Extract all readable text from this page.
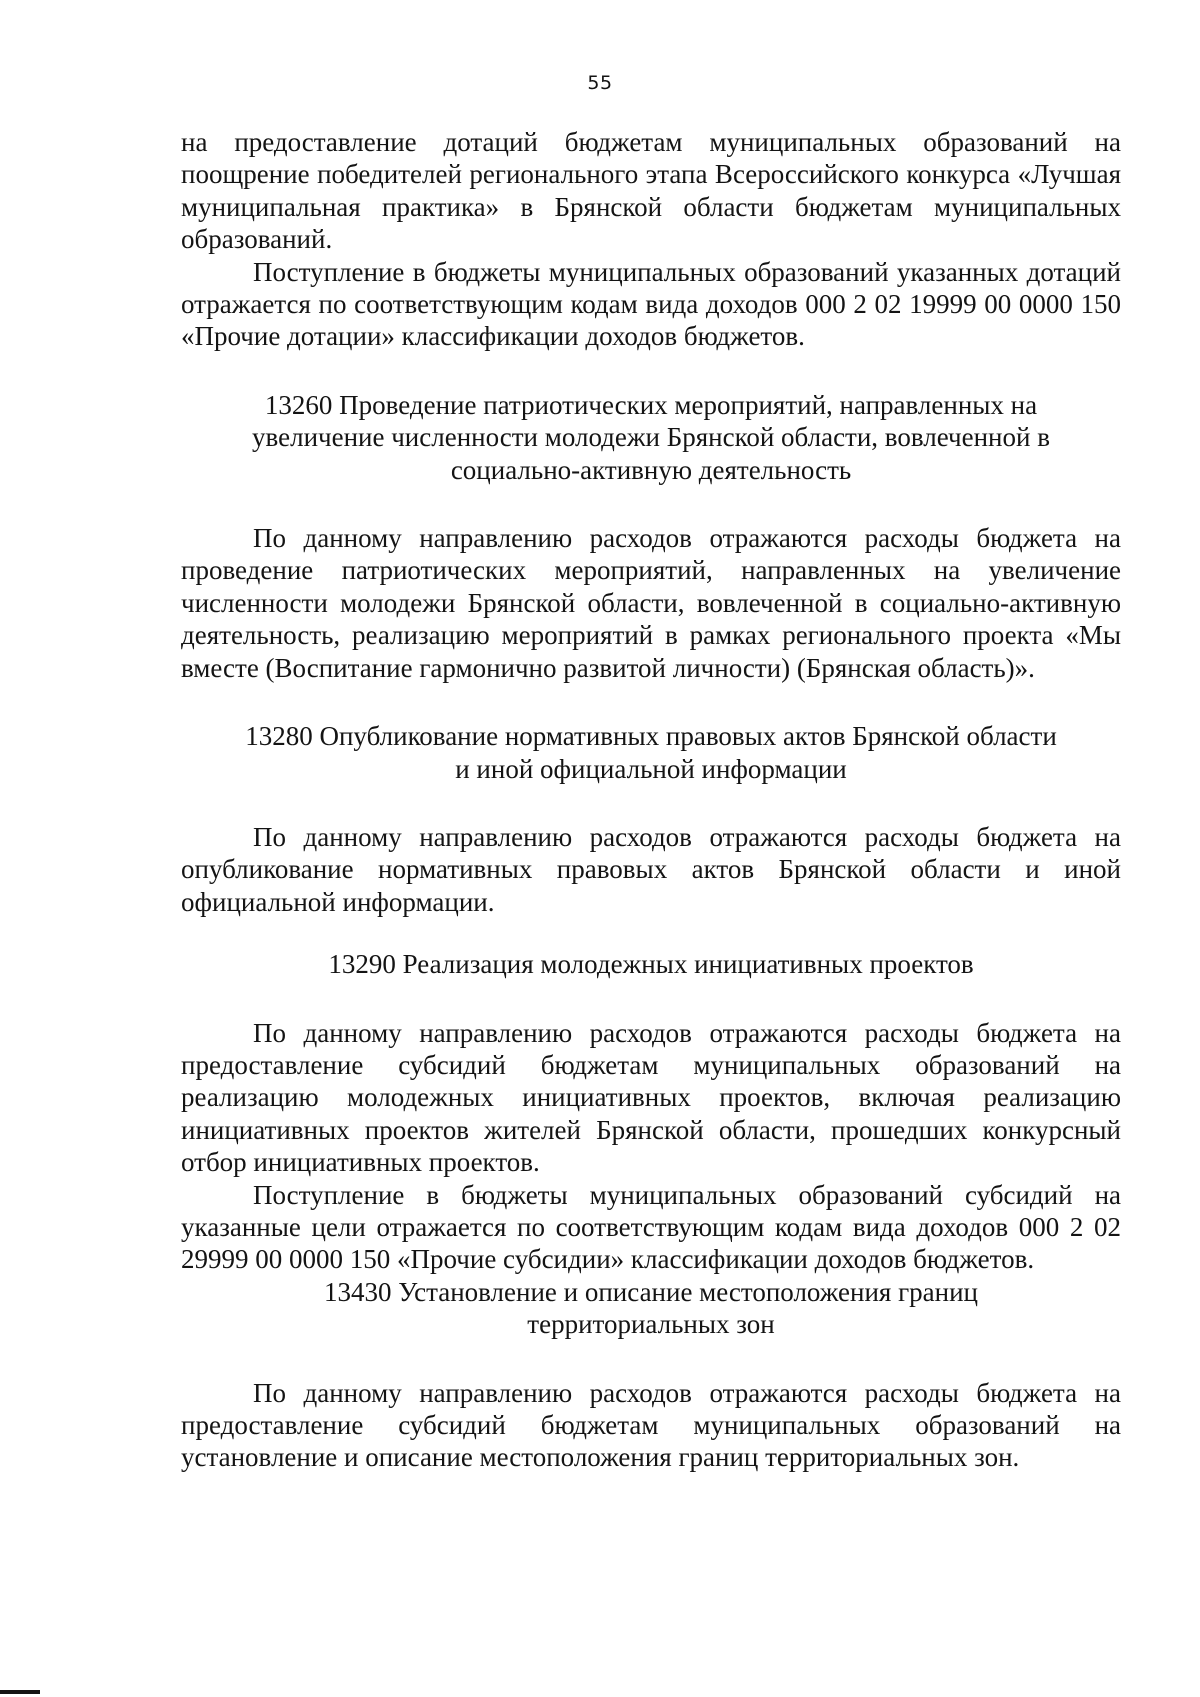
55

на предоставление дотаций бюджетам муниципальных образований на поощрение победителей регионального этапа Всероссийского конкурса «Лучшая муниципальная практика» в Брянской области бюджетам муниципальных образований.

Поступление в бюджеты муниципальных образований указанных дотаций отражается по соответствующим кодам вида доходов 000 2 02 19999 00 0000 150 «Прочие дотации» классификации доходов бюджетов.

13260 Проведение патриотических мероприятий, направленных на
увеличение численности молодежи Брянской области, вовлеченной в
социально-активную деятельность

По данному направлению расходов отражаются расходы бюджета на проведение патриотических мероприятий, направленных на увеличение численности молодежи Брянской области, вовлеченной в социально-активную деятельность, реализацию мероприятий в рамках регионального проекта «Мы вместе (Воспитание гармонично развитой личности) (Брянская область)».

13280 Опубликование нормативных правовых актов Брянской области
и иной официальной информации

По данному направлению расходов отражаются расходы бюджета на опубликование нормативных правовых актов Брянской области и иной официальной информации.

13290 Реализация молодежных инициативных проектов

По данному направлению расходов отражаются расходы бюджета на предоставление субсидий бюджетам муниципальных образований на реализацию молодежных инициативных проектов, включая реализацию инициативных проектов жителей Брянской области, прошедших конкурсный отбор инициативных проектов.

Поступление в бюджеты муниципальных образований субсидий на указанные цели отражается по соответствующим кодам вида доходов 000 2 02 29999 00 0000 150 «Прочие субсидии» классификации доходов бюджетов.

13430 Установление и описание местоположения границ
территориальных зон

По данному направлению расходов отражаются расходы бюджета на предоставление субсидий бюджетам муниципальных образований на установление и описание местоположения границ территориальных зон.
